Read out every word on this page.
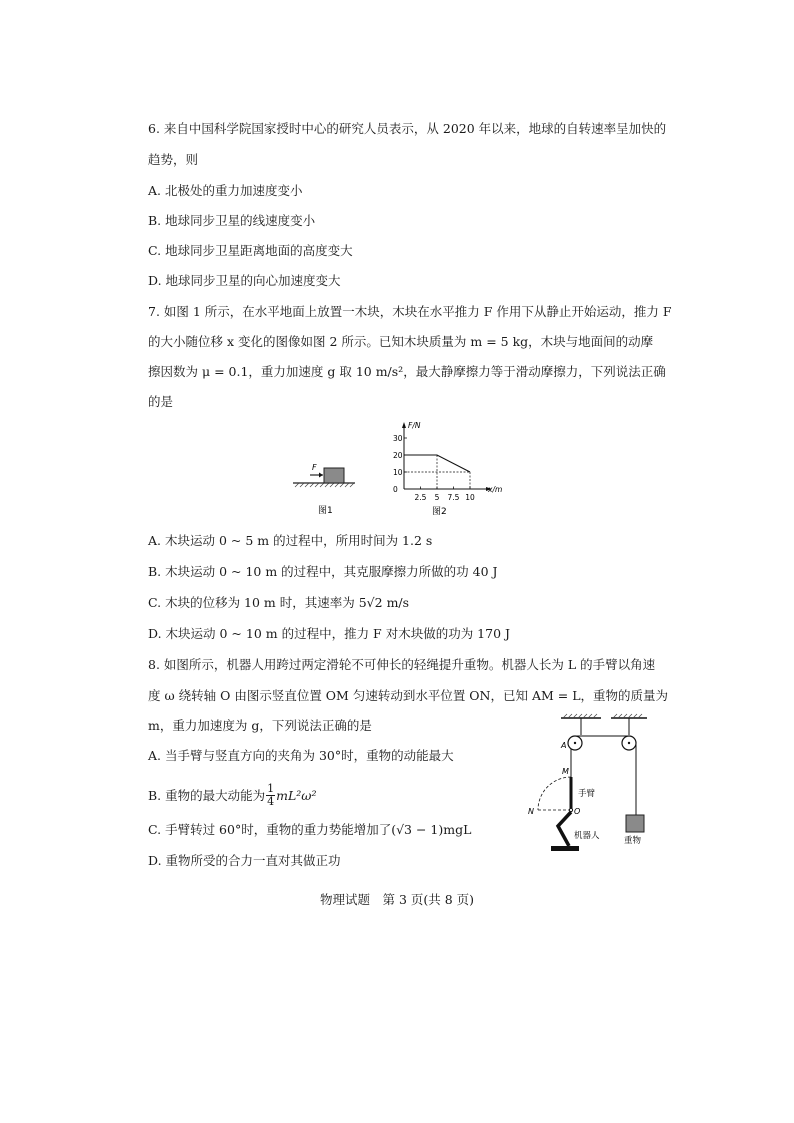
6. 来自中国科学院国家授时中心的研究人员表示，从 2020 年以来，地球的自转速率呈加快的
趋势，则
A. 北极处的重力加速度变小
B. 地球同步卫星的线速度变小
C. 地球同步卫星距离地面的高度变大
D. 地球同步卫星的向心加速度变大
7. 如图 1 所示，在水平地面上放置一木块，木块在水平推力 F 作用下从静止开始运动，推力 F
的大小随位移 x 变化的图像如图 2 所示。已知木块质量为 m = 5 kg，木块与地面间的动摩
擦因数为 μ = 0.1，重力加速度 g 取 10 m/s²，最大静摩擦力等于滑动摩擦力，下列说法正确
的是
F
图1
F/N
x/m
0
10
20
30
2.5 5 7.5 10
图2
A. 木块运动 0 ~ 5 m 的过程中，所用时间为 1.2 s
B. 木块运动 0 ~ 10 m 的过程中，其克服摩擦力所做的功 40 J
C. 木块的位移为 10 m 时，其速率为 5√2 m/s
D. 木块运动 0 ~ 10 m 的过程中，推力 F 对木块做的功为 170 J
8. 如图所示，机器人用跨过两定滑轮不可伸长的轻绳提升重物。机器人长为 L 的手臂以角速
度 ω 绕转轴 O 由图示竖直位置 OM 匀速转动到水平位置 ON，已知 AM = L，重物的质量为
m，重力加速度为 g，下列说法正确的是
A. 当手臂与竖直方向的夹角为 30°时，重物的动能最大
B. 重物的最大动能为 $\frac{1}{4} mL^2\omega^2$
C. 手臂转过 60°时，重物的重力势能增加了(√3 − 1)mgL
D. 重物所受的合力一直对其做正功
A
M
N	O
手臂
机器人	重物
物理试题　第 3 页(共 8 页)
